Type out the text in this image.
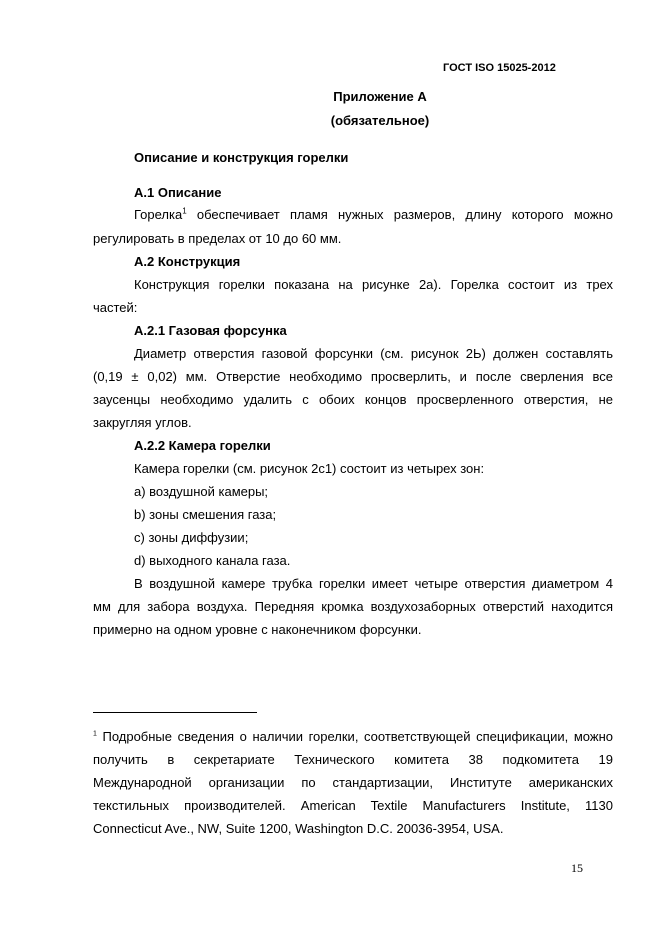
ГОСТ ISO 15025-2012
Приложение А
(обязательное)
Описание и конструкция горелки
А.1 Описание
Горелка$^1$ обеспечивает пламя нужных размеров, длину которого можно
регулировать в пределах от 10 до 60 мм.
А.2 Конструкция
Конструкция горелки показана на рисунке 2а). Горелка состоит из трех
частей:
А.2.1 Газовая форсунка
Диаметр отверстия газовой форсунки (см. рисунок 2Ь) должен составлять
(0,19 ± 0,02) мм. Отверстие необходимо просверлить, и после сверления все
заусенцы необходимо удалить с обоих концов просверленного отверстия, не
закругляя углов.
А.2.2 Камера горелки
Камера горелки (см. рисунок 2с1) состоит из четырех зон:
а) воздушной камеры;
b) зоны смешения газа;
с) зоны диффузии;
d) выходного канала газа.
В воздушной камере трубка горелки имеет четыре отверстия диаметром 4
мм для забора воздуха. Передняя кромка воздухозаборных отверстий находится
примерно на одном уровне с наконечником форсунки.
$^1$ Подробные сведения о наличии горелки, соответствующей спецификации, можно
получить в секретариате Технического комитета 38 подкомитета 19
Международной организации по стандартизации, Институте американских
текстильных производителей. American Textile Manufacturers Institute, 1130
Connecticut Ave., NW, Suite 1200, Washington D.C. 20036-3954, USA.
15
